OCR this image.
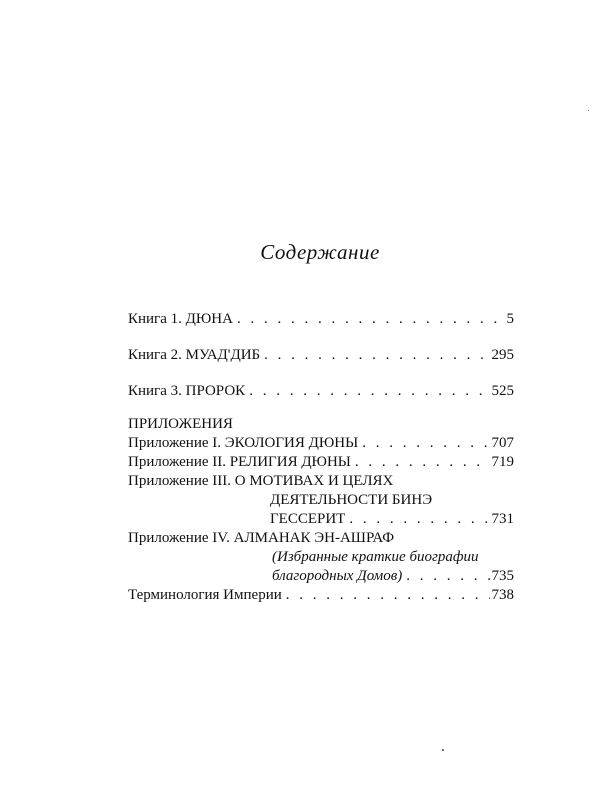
Содержание
Книга 1. ДЮНА . . .	5
Книга 2. МУАД'ДИБ . . .	295
Книга 3. ПРОРОК . . .	525
ПРИЛОЖЕНИЯ
Приложение I. ЭКОЛОГИЯ ДЮНЫ . . .	707
Приложение II. РЕЛИГИЯ ДЮНЫ . . .	719
Приложение III. О МОТИВАХ И ЦЕЛЯХ
ДЕЯТЕЛЬНОСТИ БИНЭ
ГЕССЕРИТ . . .	731
Приложение IV. АЛМАНАК ЭН-АШРАФ
(Избранные краткие биографии
благородных Домов) . . .	735
Терминология Империи . . .	738
